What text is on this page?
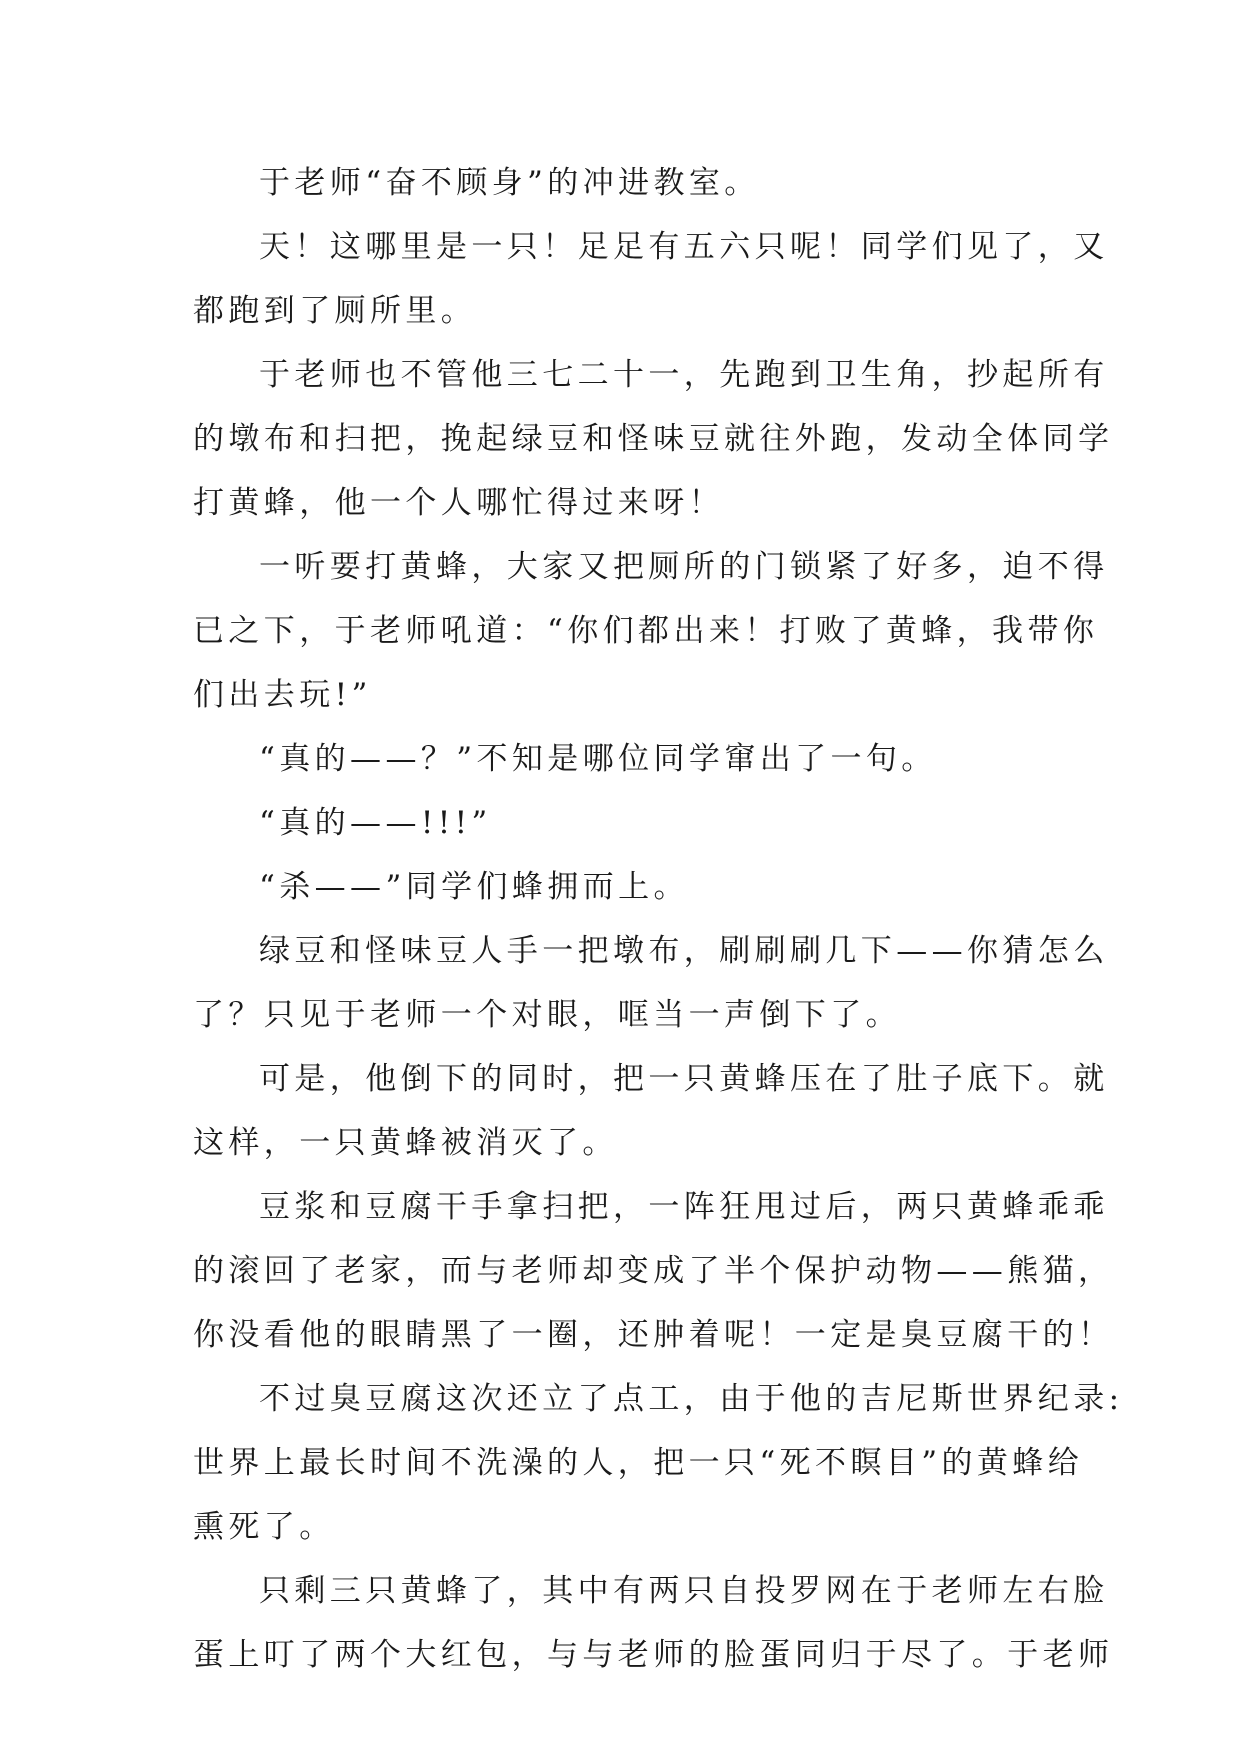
于老师“奋不顾身”的冲进教室。
天！这哪里是一只！足足有五六只呢！同学们见了，又
都跑到了厕所里。
于老师也不管他三七二十一，先跑到卫生角，抄起所有
的墩布和扫把，挽起绿豆和怪味豆就往外跑，发动全体同学
打黄蜂，他一个人哪忙得过来呀！
一听要打黄蜂，大家又把厕所的门锁紧了好多，迫不得
已之下，于老师吼道：“你们都出来！打败了黄蜂，我带你
们出去玩!”
“真的——？”不知是哪位同学窜出了一句。
“真的——!!!”
“杀——”同学们蜂拥而上。
绿豆和怪味豆人手一把墩布，刷刷刷几下——你猜怎么
了？只见于老师一个对眼，哐当一声倒下了。
可是，他倒下的同时，把一只黄蜂压在了肚子底下。就
这样，一只黄蜂被消灭了。
豆浆和豆腐干手拿扫把，一阵狂甩过后，两只黄蜂乖乖
的滚回了老家，而与老师却变成了半个保护动物——熊猫，
你没看他的眼睛黑了一圈，还肿着呢！一定是臭豆腐干的！
不过臭豆腐这次还立了点工，由于他的吉尼斯世界纪录:
世界上最长时间不洗澡的人，把一只“死不瞑目”的黄蜂给
熏死了。
只剩三只黄蜂了，其中有两只自投罗网在于老师左右脸
蛋上叮了两个大红包，与与老师的脸蛋同归于尽了。于老师
